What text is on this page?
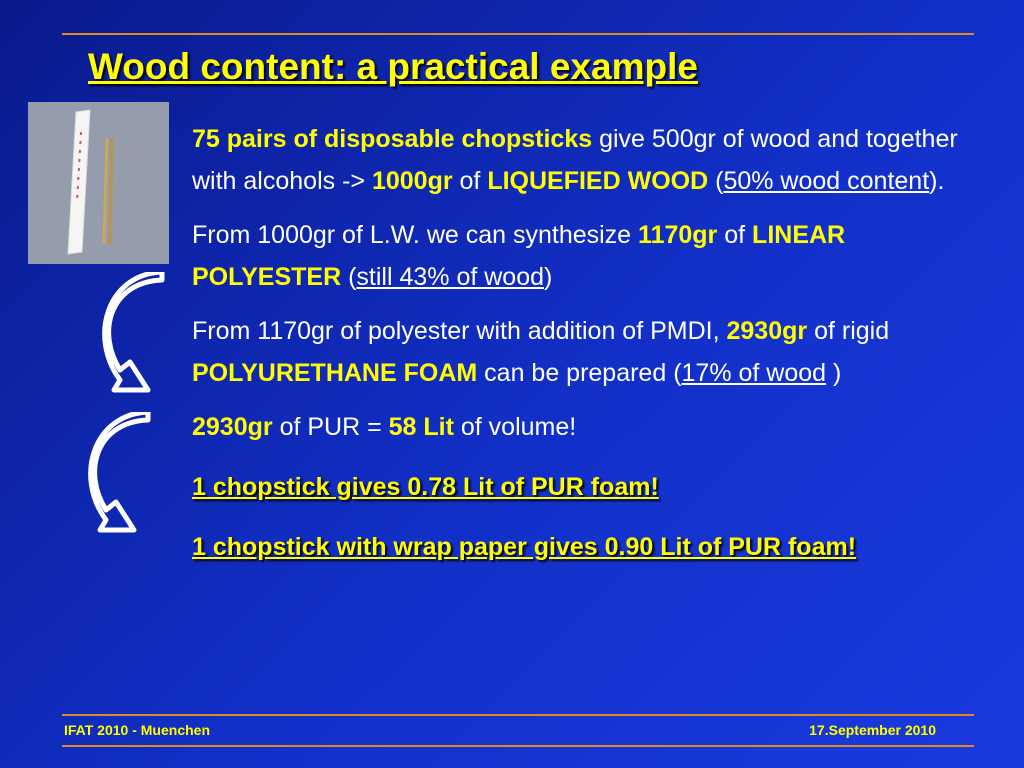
Wood content: a practical example

75 pairs of disposable chopsticks give 500gr of wood and together with alcohols -> 1000gr of LIQUEFIED WOOD (50% wood content).

From 1000gr of L.W. we can synthesize 1170gr of LINEAR POLYESTER (still 43% of wood)

From 1170gr of polyester with addition of PMDI, 2930gr of rigid POLYURETHANE FOAM can be prepared (17% of wood )

2930gr of PUR = 58 Lit of volume!

1 chopstick gives 0.78 Lit of PUR foam!

1 chopstick with wrap paper gives 0.90 Lit of PUR foam!

IFAT 2010 - Muenchen	17.September 2010
